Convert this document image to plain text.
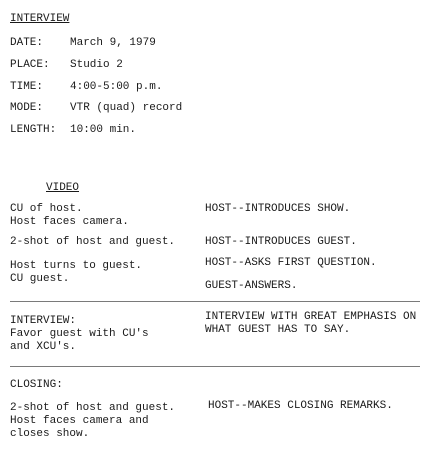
INTERVIEW
DATE: March 9, 1979
PLACE: Studio 2
TIME: 4:00-5:00 p.m.
MODE: VTR (quad) record
LENGTH: 10:00 min.
VIDEO
CU of host.
Host faces camera.
HOST--INTRODUCES SHOW.
2-shot of host and guest.	HOST--INTRODUCES GUEST.
Host turns to guest.
CU guest.
HOST--ASKS FIRST QUESTION.
GUEST-ANSWERS.
INTERVIEW:
Favor guest with CU's
and XCU's.
INTERVIEW WITH GREAT EMPHASIS ON
WHAT GUEST HAS TO SAY.
CLOSING:
2-shot of host and guest.
Host faces camera and
closes show.
HOST--MAKES CLOSING REMARKS.
